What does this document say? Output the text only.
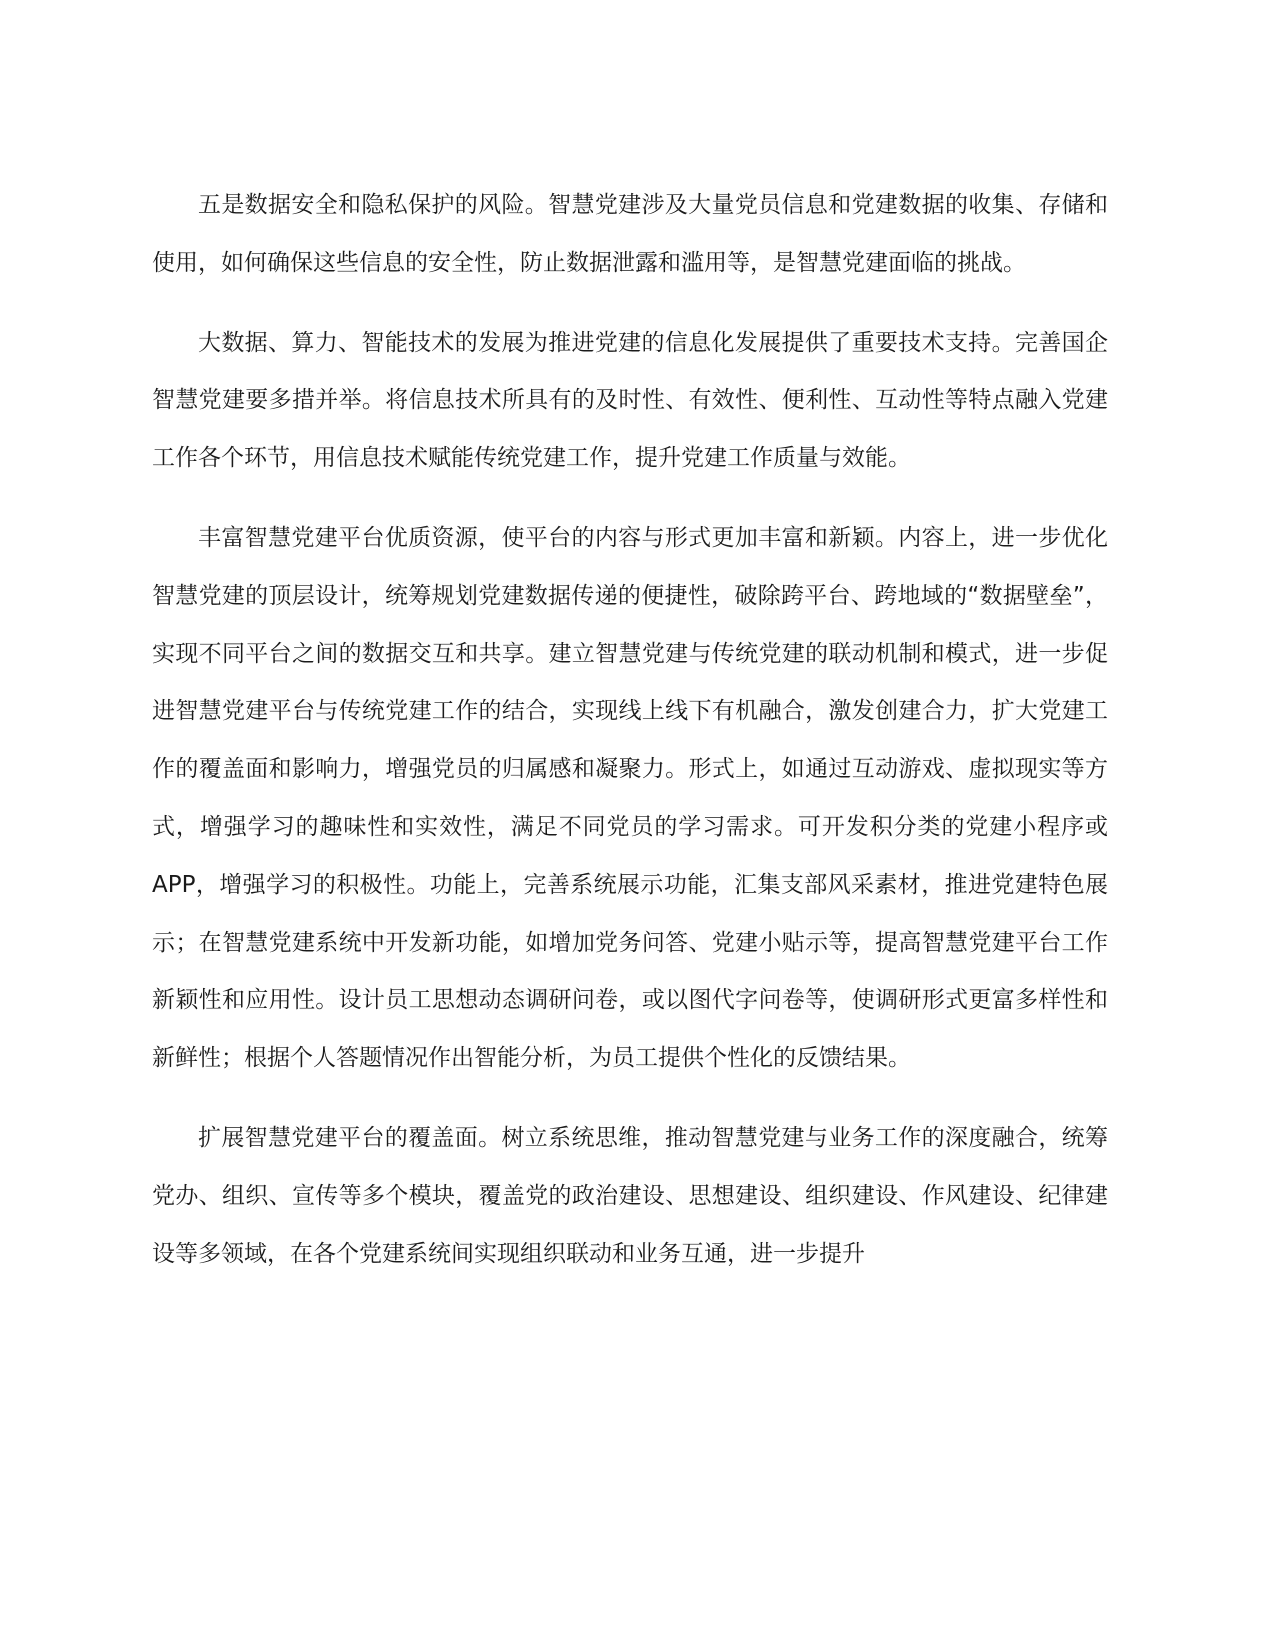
五是数据安全和隐私保护的风险。智慧党建涉及大量党员信息和党建数据的收集、存储和使用，如何确保这些信息的安全性，防止数据泄露和滥用等，是智慧党建面临的挑战。

大数据、算力、智能技术的发展为推进党建的信息化发展提供了重要技术支持。完善国企智慧党建要多措并举。将信息技术所具有的及时性、有效性、便利性、互动性等特点融入党建工作各个环节，用信息技术赋能传统党建工作，提升党建工作质量与效能。

丰富智慧党建平台优质资源，使平台的内容与形式更加丰富和新颖。内容上，进一步优化智慧党建的顶层设计，统筹规划党建数据传递的便捷性，破除跨平台、跨地域的“数据壁垒”，实现不同平台之间的数据交互和共享。建立智慧党建与传统党建的联动机制和模式，进一步促进智慧党建平台与传统党建工作的结合，实现线上线下有机融合，激发创建合力，扩大党建工作的覆盖面和影响力，增强党员的归属感和凝聚力。形式上，如通过互动游戏、虚拟现实等方式，增强学习的趣味性和实效性，满足不同党员的学习需求。可开发积分类的党建小程序或 APP，增强学习的积极性。功能上，完善系统展示功能，汇集支部风采素材，推进党建特色展示；在智慧党建系统中开发新功能，如增加党务问答、党建小贴示等，提高智慧党建平台工作新颖性和应用性。设计员工思想动态调研问卷，或以图代字问卷等，使调研形式更富多样性和新鲜性；根据个人答题情况作出智能分析，为员工提供个性化的反馈结果。

扩展智慧党建平台的覆盖面。树立系统思维，推动智慧党建与业务工作的深度融合，统筹党办、组织、宣传等多个模块，覆盖党的政治建设、思想建设、组织建设、作风建设、纪律建设等多领域，在各个党建系统间实现组织联动和业务互通，进一步提升
